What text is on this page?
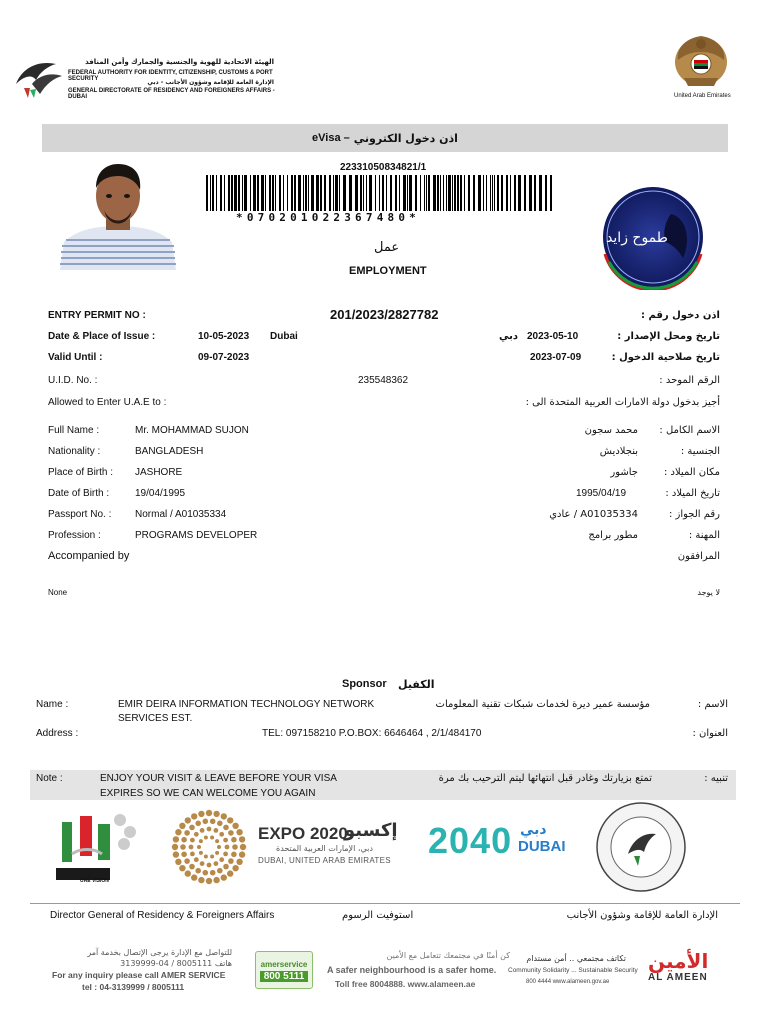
الهيئة الاتحادية للهوية والجنسية والجمارك وأمن المنافذ
FEDERAL AUTHORITY FOR IDENTITY, CITIZENSHIP, CUSTOMS & PORT SECURITY	الإدارة العامة للإقامة وشؤون الأجانب - دبي
GENERAL DIRECTORATE OF RESIDENCY AND FOREIGNERS AFFAIRS - DUBAI	United Arab Emirates
eVisa – اذن دخول الكتروني
22331050834821/1
*070201022367480*
طموح زايد
عمل
EMPLOYMENT
ENTRY PERMIT NO :	201/2023/2827782	اذن دخول رقم :
Date & Place of Issue :	10-05-2023 Dubai	دبي 2023-05-10	تاريخ ومحل الإصدار :
Valid Until :	09-07-2023	2023-07-09	تاريخ صلاحية الدخول :
U.I.D. No. :	235548362	الرقم الموحد :
Allowed to Enter U.A.E to :	أجيز بدخول دولة الامارات العربية المتحدة الى :
Full Name :	Mr. MOHAMMAD SUJON	محمد سجون الاسم الكامل :
Nationality :	BANGLADESH	بنجلاديش	الجنسية :
Place of Birth : JASHORE	جاشور	مكان الميلاد :
Date of Birth :	19/04/1995	1995/04/19	تاريخ الميلاد :
Passport No. : Normal / A01035334	A01035334 / عادي	رقم الجواز :
Profession :	PROGRAMS DEVELOPER	مطور برامج	المهنة :
Accompanied by	المرافقون
None	لا يوجد
Sponsor الكفيل
Name :	EMIR DEIRA INFORMATION TECHNOLOGY NETWORK
SERVICES EST.
مؤسسة عمير ديرة لخدمات شبكات تقنية المعلومات	الاسم :
Address :	TEL: 097158210 P.O.BOX: 6646464 , 2/1/484170	العنوان :
Note :	ENJOY YOUR VISIT & LEAVE BEFORE YOUR VISA
EXPIRES SO WE CAN WELCOME YOU AGAIN
تمتع بزيارتك وغادر قبل انتهائها ليتم الترحيب بك مرة	تنبيه :
UAE VISION
EXPO 2020
إكسبو
دبي، الإمارات العربية المتحدة
DUBAI, UNITED ARAB EMIRATES 2040 دبي
DUBAI
Director General of Residency & Foreigners Affairs	استوفيت الرسوم	الإدارة العامة للإقامة وشؤون الأجانب
للتواصل مع الإدارة يرجى الإتصال بخدمة آمر
هاتف 8005111 / 04-3139999
For any inquiry please call AMER SERVICE
tel : 04-3139999 / 8005111
amerservice
800 5111
كن أمنًا في مجتمعك تتعامل مع الأمين
A safer neighbourhood is a safer home.
Toll free 8004888. www.alameen.ae
تكاتف مجتمعي .. أمن مستدام
Community Solidarity ... Sustainable Security
800 4444 www.alameen.gov.ae
الأمين
AL AMEEN
